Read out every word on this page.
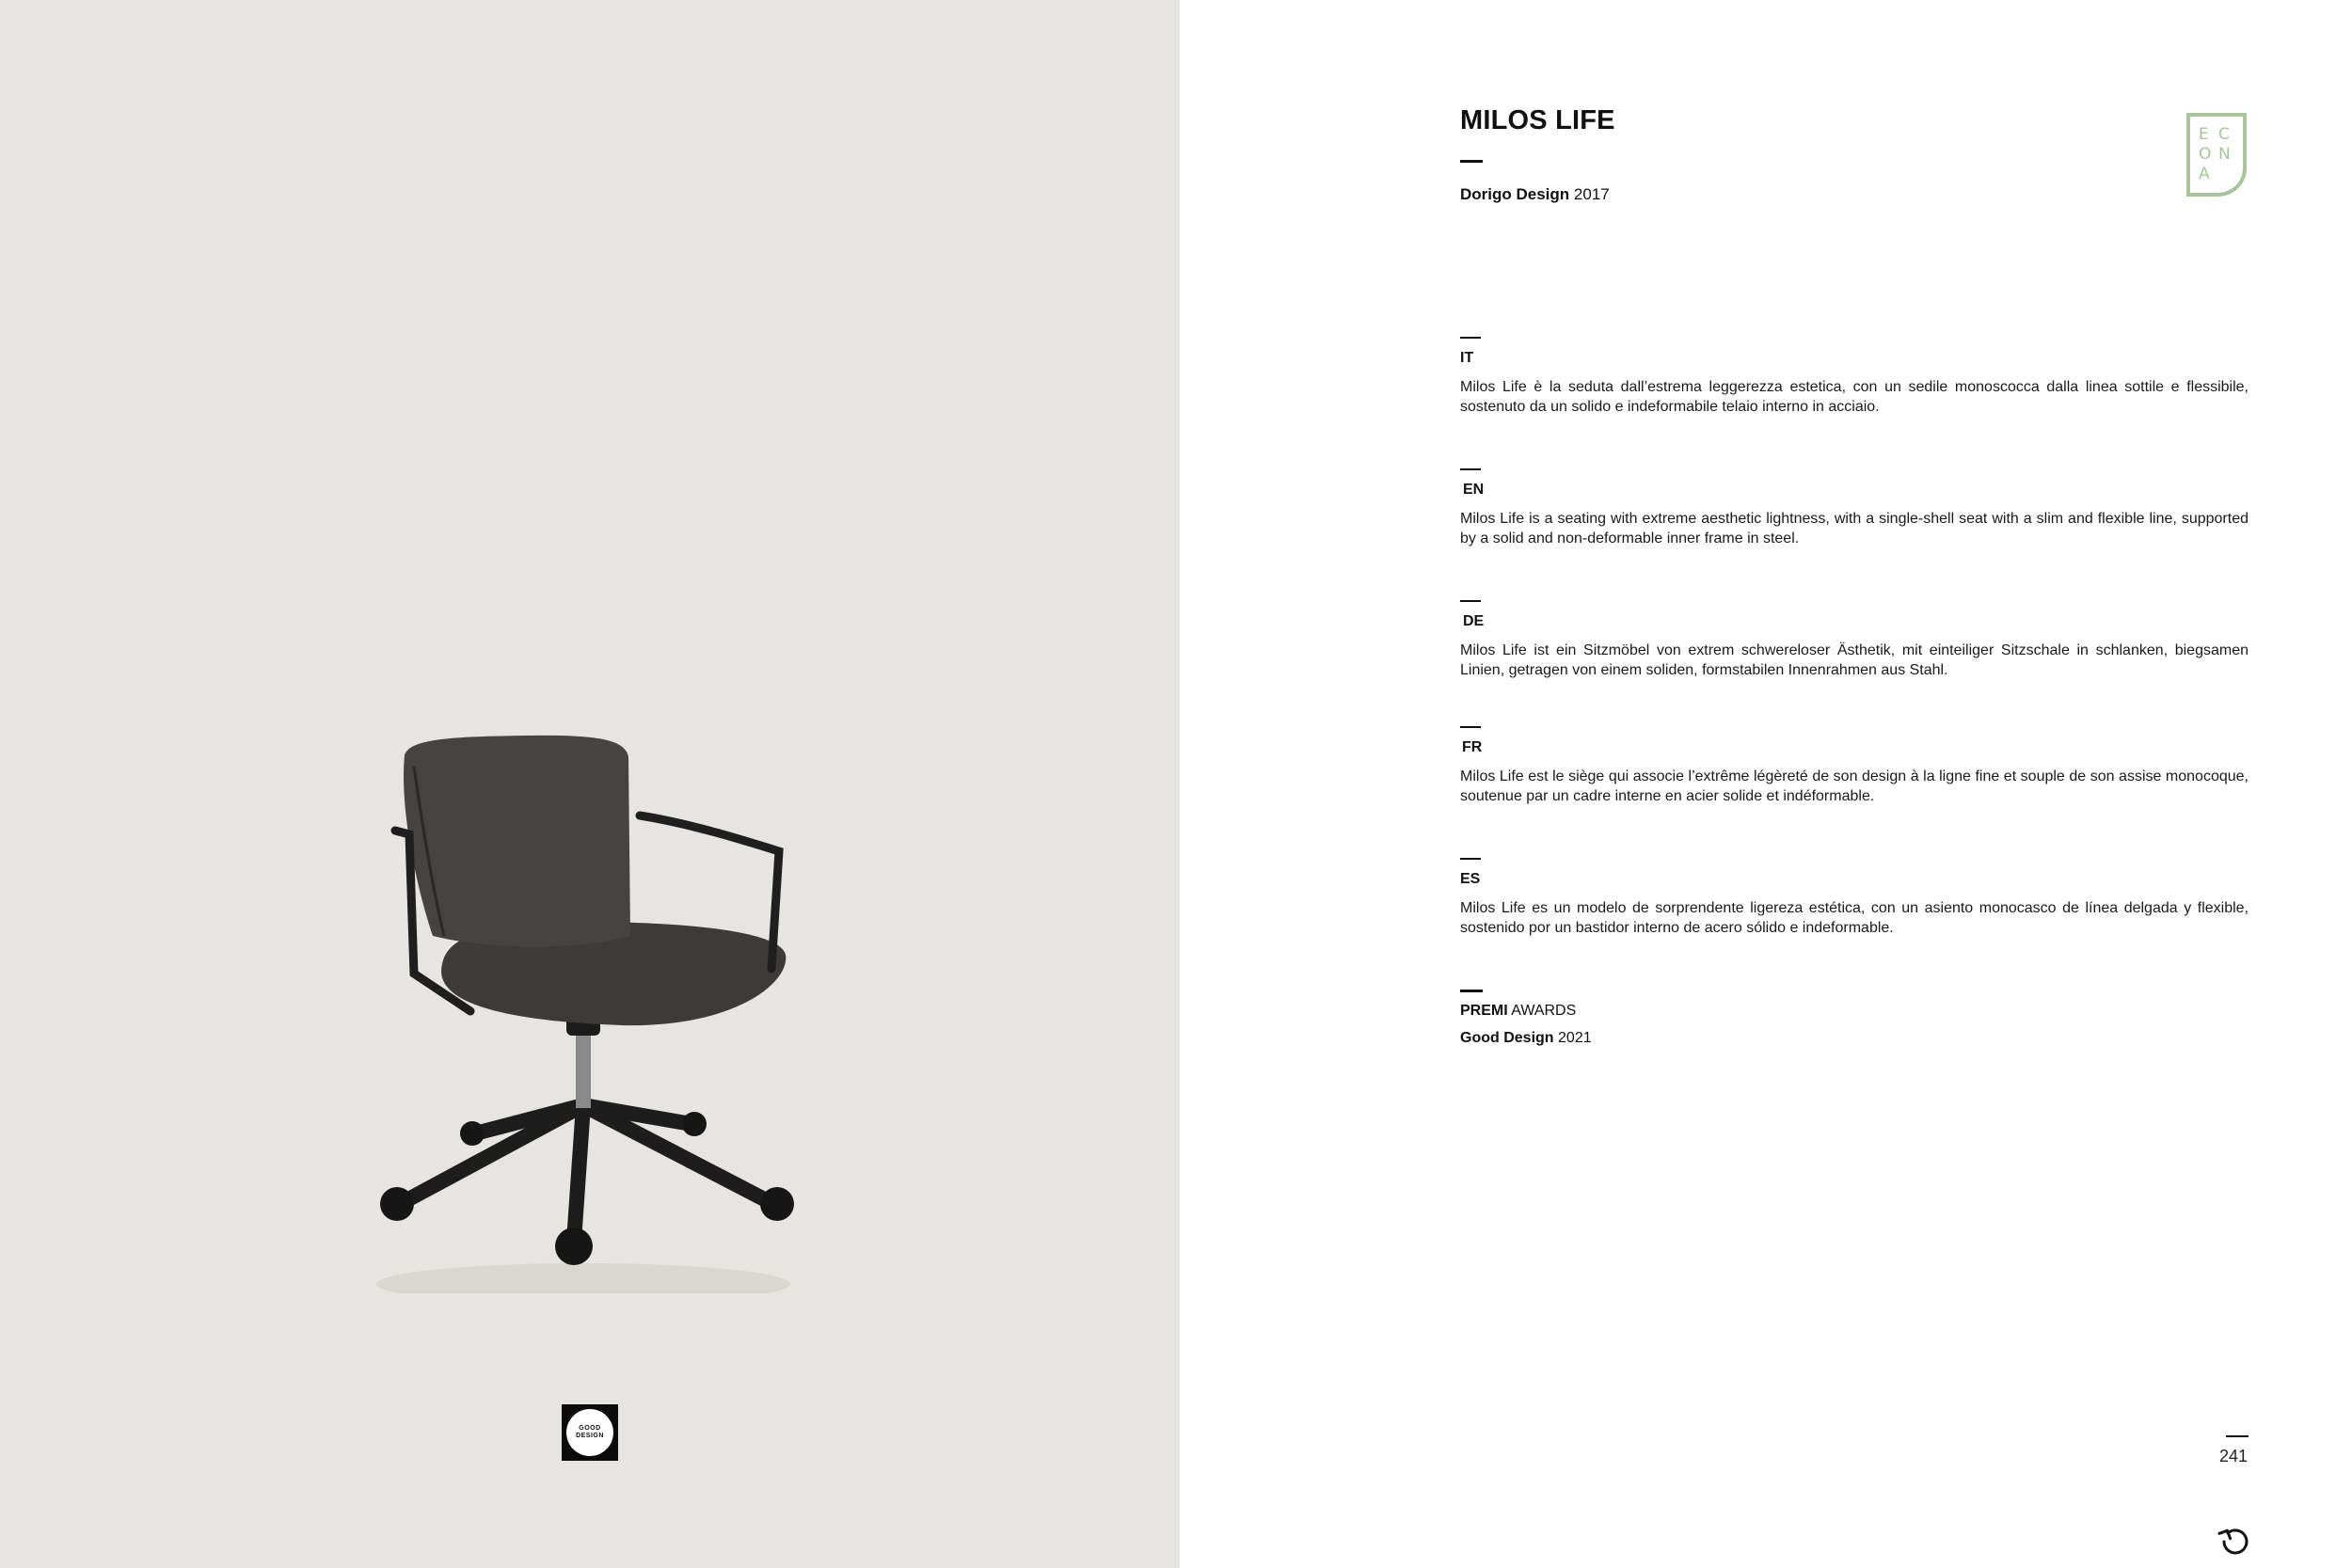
GOOD
DESIGN
MILOS LIFE
Dorigo Design 2017
E C
O N
A
IT
Milos Life è la seduta dall’estrema leggerezza estetica, con un sedile monoscocca dalla linea sottile e flessibile, sostenuto da un solido e indeformabile telaio interno in acciaio.
EN
Milos Life is a seating with extreme aesthetic lightness, with a single-shell seat with a slim and flexible line, supported by a solid and non-deformable inner frame in steel.
DE
Milos Life ist ein Sitzmöbel von extrem schwereloser Ästhetik, mit einteiliger Sitzschale in schlanken, biegsamen Linien, getragen von einem soliden, formstabilen Innenrahmen aus Stahl.
FR
Milos Life est le siège qui associe l’extrême légèreté de son design à la ligne fine et souple de son assise monocoque, soutenue par un cadre interne en acier solide et indéformable.
ES
Milos Life es un modelo de sorprendente ligereza estética, con un asiento monocasco de línea delgada y flexible, sostenido por un bastidor interno de acero sólido e indeformable.
PREMI AWARDS
Good Design 2021
241
